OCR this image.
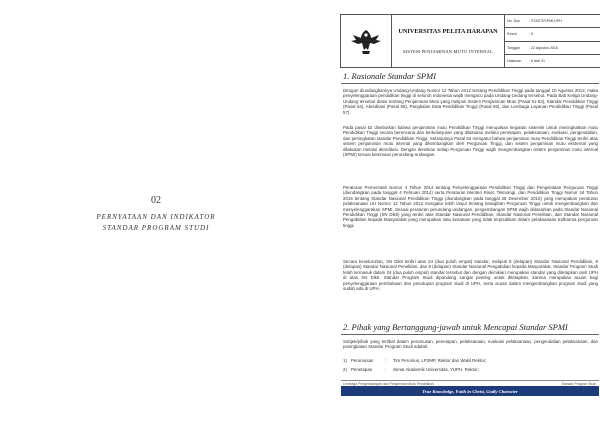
02
PERNYATAAN DAN INDIKATOR
STANDAR PROGRAM STUDI
UNIVERSITAS PELITA HARAPAN
SISTEM PENJAMINAN MUTU INTERNAL
No. Dok.	: STASTI/SPMI-UPH
Revisi	: 0
Tanggal	: 22 Agustus 2016
Halaman	: 6 dari 31
1. Rasionale Standar SPMI

Dengan diundangkannya Undang-Undang Nomor 12 Tahun 2012 tentang Pendidikan Tinggi pada tanggal 10 Agustus 2012, maka penyelenggaraan pendidikan tinggi di seluruh Indonesia wajib mengacu pada Undang-Undang tersebut. Pada Bab Ketiga Undang-Undang tersebut diatur tentang Penjaminan Mutu yang meliputi Sistem Penjaminan Mutu (Pasal 51-53), Standar Pendidikan Tinggi (Pasal 54), Akreditasi (Pasal 55), Pangkalan Data Pendidikan Tinggi (Pasal 56), dan Lembaga Layanan Pendidikan Tinggi (Pasal 57).

Pada pasal 52 disebutkan bahwa penjaminan mutu Pendidikan Tinggi merupakan kegiatan sistemik untuk meningkatkan mutu Pendidikan Tinggi secara berencana dan berkelanjutan yang dilakukan melalui penetapan, pelaksanaan, evaluasi, pengendalian, dan peningkatan standar Pendidikan Tinggi. Selanjutnya Pasal 53 mengatur bahwa penjaminan mutu Pendidikan Tinggi terdiri atas sistem penjaminan mutu internal yang dikembangkan oleh Perguruan Tinggi, dan sistem penjaminan mutu eksternal yang dilakukan melalui akreditasi. Dengan demikian setiap Perguruan Tinggi wajib mengembangkan sistem penjaminan mutu internal (SPMI) sesuai ketentuan perundang-undangan.

Peraturan Pemerintah Nomor 4 Tahun 2014 tentang Penyelenggaraan Pendidikan Tinggi dan Pengelolaan Perguruan Tinggi (diundangkan pada tanggal 4 Februari 2014) serta Peraturan Menteri Riset, Teknologi, dan Pendidikan Tinggi Nomor 44 Tahun 2015 tentang Standar Nasional Pendidikan Tinggi (diundangkan pada tanggal 28 Desember 2015) yang merupakan peraturan pelaksanaan UU Nomor 12 Tahun 2012 mengatur lebih lanjut tentang kewajiban Perguruan Tinggi untuk mengembangkan dan menyelenggarakan SPMI. Sesuai peraturan perundang-undangan, pengembangan SPMI wajib didasarkan pada Standar Nasional Pendidikan Tinggi (SN Dikti) yang terdiri atas Standar Nasional Pendidikan, Standar Nasional Penelitian, dan Standar Nasional Pengabdian kepada Masyarakat yang merupakan satu kesatuan yang tidak terpisahkan dalam pelaksanaan tridharma perguruan tinggi.

Secara keseluruhan, SN Dikti terdiri atas 24 (dua puluh empat) standar, meliputi 8 (delapan) Standar Nasional Pendidikan, 8 (delapan) Standar Nasional Penelitian, dan 8 (delapan) Standar Nasional Pengabdian kepada Masyarakat. Standar Program Studi telah termasuk dalam 24 (dua puluh empat) standar tersebut dan dengan demikian merupakan standar yang ditetapkan oleh UPH di atas SN Dikti. Standar Program Studi dipandang sangat penting untuk ditetapkan, karena merupakan acuan bagi penyelenggaraan pembukaan dan penutupan program studi di UPH, serta acuan dalam mengembangkan program studi yang sudah ada di UPH.

2. Pihak yang Bertanggung-jawab untuk Mencapai Standar SPMI

Subjek/pihak yang terlibat dalam perumusan, penetapan, pelaksanaan, evaluasi pelaksanaan, pengendalian pelaksanaan, dan peningkatan Standar Program Studi adalah:

1) Perumusan	:	Tim Perumus, LP2MP, Rektor dan Wakil Rektor;
2) Penetapan	:	Senat Akademik Universitas, YUPH, Rektor;
Lembaga Pengembangan dan Penjaminan Mutu Pendidikan	Standar Program Studi
True Knowledge, Faith in Christ, Godly Character
